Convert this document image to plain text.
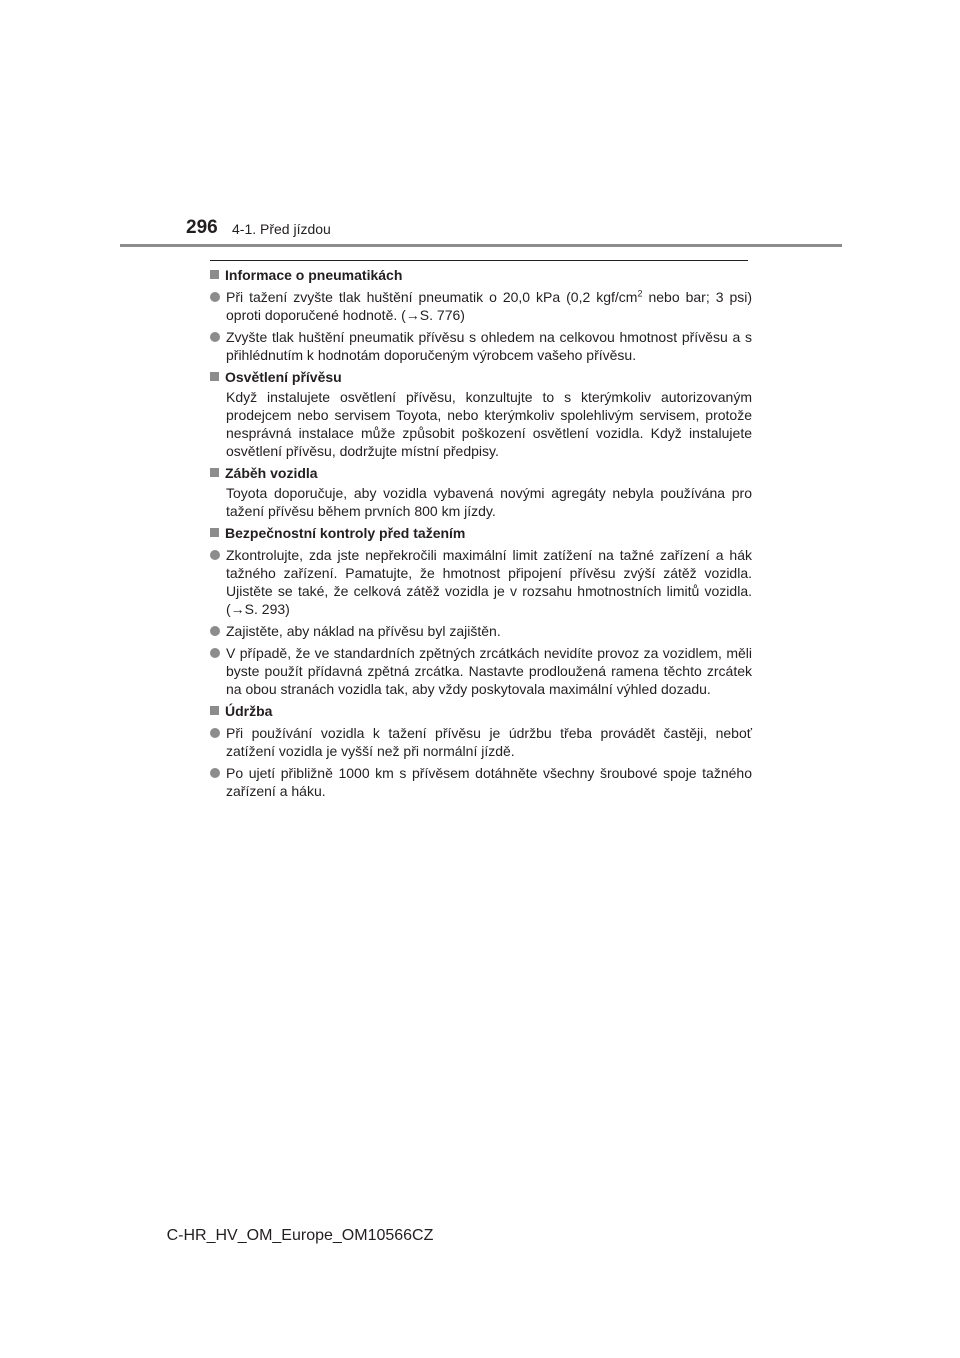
296 4-1. Před jízdou
Informace o pneumatikách
Při tažení zvyšte tlak huštění pneumatik o 20,0 kPa (0,2 kgf/$cm^2$ nebo bar; 3 psi) oproti doporučené hodnotě. (→S. 776)
Zvyšte tlak huštění pneumatik přívěsu s ohledem na celkovou hmotnost přívěsu a s přihlédnutím k hodnotám doporučeným výrobcem vašeho přívěsu.
Osvětlení přívěsu
Když instalujete osvětlení přívěsu, konzultujte to s kterýmkoliv autorizovaným prodejcem nebo servisem Toyota, nebo kterýmkoliv spolehlivým servisem, protože nesprávná instalace může způsobit poškození osvětlení vozidla. Když instalujete osvětlení přívěsu, dodržujte místní předpisy.
Záběh vozidla
Toyota doporučuje, aby vozidla vybavená novými agregáty nebyla používána pro tažení přívěsu během prvních 800 km jízdy.
Bezpečnostní kontroly před tažením
Zkontrolujte, zda jste nepřekročili maximální limit zatížení na tažné zařízení a hák tažného zařízení. Pamatujte, že hmotnost připojení přívěsu zvýší zátěž vozidla. Ujistěte se také, že celková zátěž vozidla je v rozsahu hmotnostních limitů vozidla. (→S. 293)
Zajistěte, aby náklad na přívěsu byl zajištěn.
V případě, že ve standardních zpětných zrcátkách nevidíte provoz za vozidlem, měli byste použít přídavná zpětná zrcátka. Nastavte prodloužená ramena těchto zrcátek na obou stranách vozidla tak, aby vždy poskytovala maximální výhled dozadu.
Údržba
Při používání vozidla k tažení přívěsu je údržbu třeba provádět častěji, neboť zatížení vozidla je vyšší než při normální jízdě.
Po ujetí přibližně 1000 km s přívěsem dotáhněte všechny šroubové spoje tažného zařízení a háku.
C-HR_HV_OM_Europe_OM10566CZ
